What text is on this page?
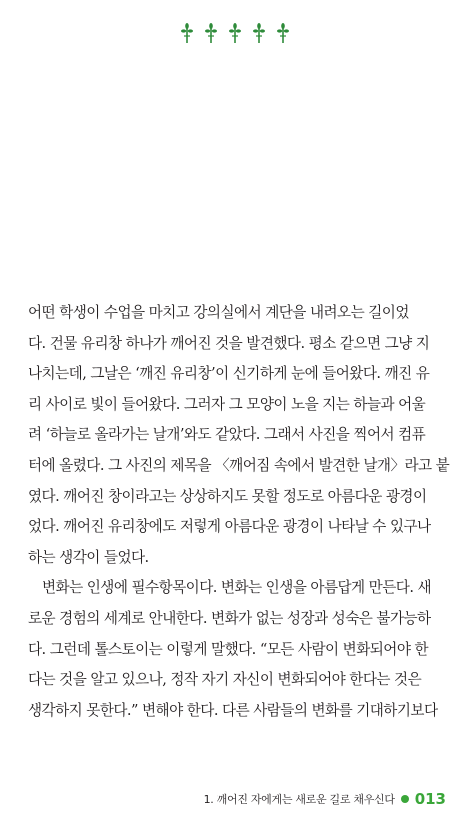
어떤 학생이 수업을 마치고 강의실에서 계단을 내려오는 길이었
다. 건물 유리창 하나가 깨어진 것을 발견했다. 평소 같으면 그냥 지
나치는데, 그날은 ‘깨진 유리창’이 신기하게 눈에 들어왔다. 깨진 유
리 사이로 빛이 들어왔다. 그러자 그 모양이 노을 지는 하늘과 어울
려 ‘하늘로 올라가는 날개’와도 같았다. 그래서 사진을 찍어서 컴퓨
터에 올렸다. 그 사진의 제목을 〈깨어짐 속에서 발견한 날개〉라고 붙
였다. 깨어진 창이라고는 상상하지도 못할 정도로 아름다운 광경이
었다. 깨어진 유리창에도 저렇게 아름다운 광경이 나타날 수 있구나
하는 생각이 들었다.
변화는 인생에 필수항목이다. 변화는 인생을 아름답게 만든다. 새
로운 경험의 세계로 안내한다. 변화가 없는 성장과 성숙은 불가능하
다. 그런데 톨스토이는 이렇게 말했다. “모든 사람이 변화되어야 한
다는 것을 알고 있으나, 정작 자기 자신이 변화되어야 한다는 것은
생각하지 못한다.” 변해야 한다. 다른 사람들의 변화를 기대하기보다
1. 깨어진 자에게는 새로운 길로 채우신다 013
